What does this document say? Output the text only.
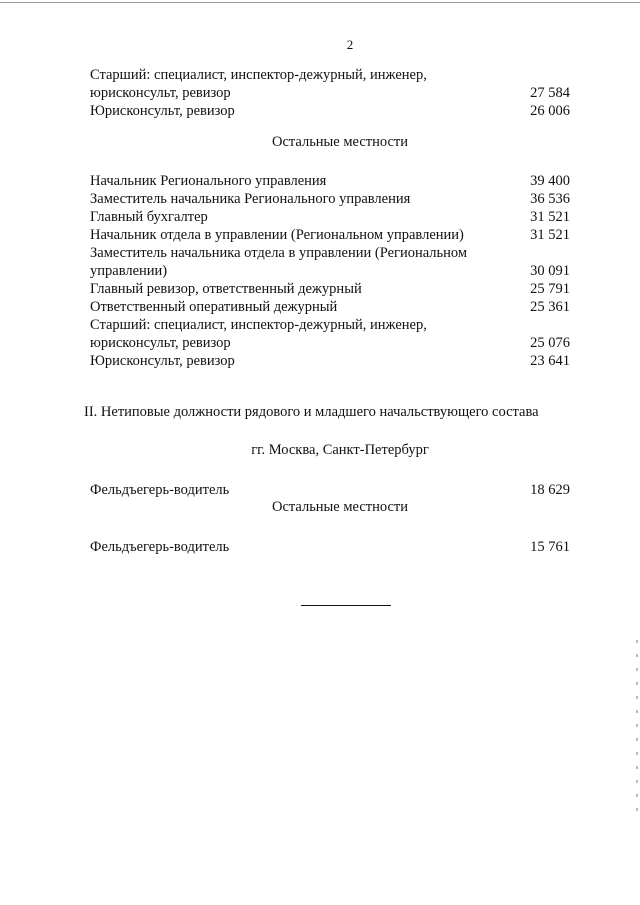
2
Старший: специалист, инспектор-дежурный, инженер,
юрисконсульт, ревизор	27 584
Юрисконсульт, ревизор	26 006
Остальные местности
Начальник Регионального управления	39 400
Заместитель начальника Регионального управления	36 536
Главный бухгалтер	31 521
Начальник отдела в управлении (Региональном управлении)	31 521
Заместитель начальника отдела в управлении (Региональном
управлении)	30 091
Главный ревизор, ответственный дежурный	25 791
Ответственный оперативный дежурный	25 361
Старший: специалист, инспектор-дежурный, инженер,
юрисконсульт, ревизор	25 076
Юрисконсульт, ревизор	23 641
II. Нетиповые должности рядового и младшего начальствующего состава
гг. Москва, Санкт-Петербург
Фельдъегерь-водитель	18 629
Остальные местности
Фельдъегерь-водитель	15 761
